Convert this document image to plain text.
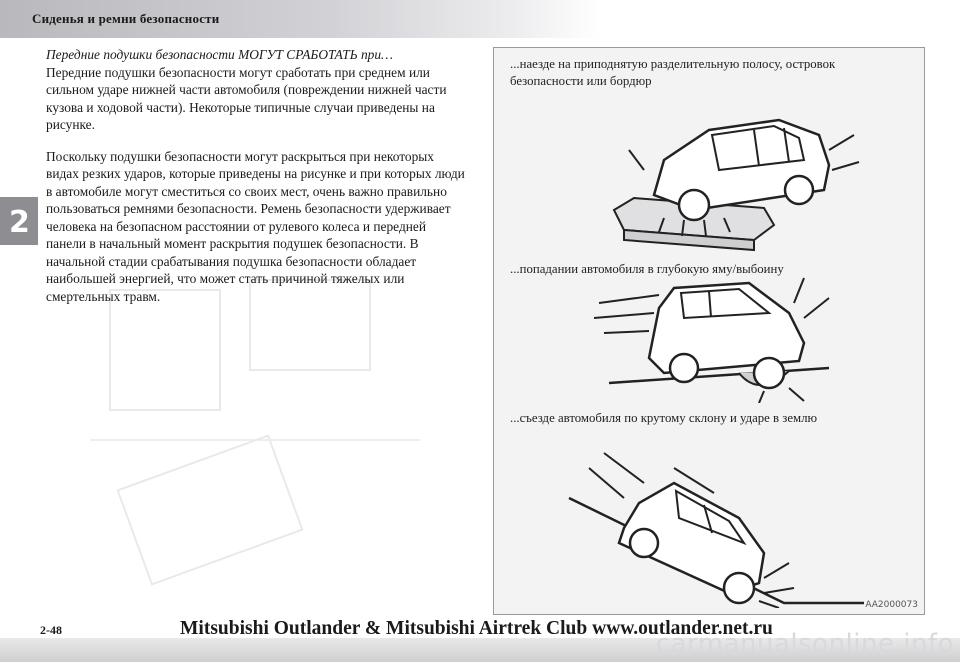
Сиденья и ремни безопасности
2

Передние подушки безопасности МОГУТ СРАБОТАТЬ при…

Передние подушки безопасности могут сработать при среднем или сильном ударе нижней части автомобиля (повреждении нижней части кузова и ходовой части). Некоторые типичные случаи приведены на рисунке.

Поскольку подушки безопасности могут раскрыться при некоторых видах резких ударов, которые приведены на рисунке и при которых люди в автомобиле могут сместиться со своих мест, очень важно правильно пользоваться ремнями безопасности. Ремень безопасности удерживает человека на безопасном расстоянии от рулевого колеса и передней панели в начальный момент раскрытия подушек безопасности. В начальной стадии срабатывания подушка безопасности обладает наибольшей энергией, что может стать причиной тяжелых или смертельных травм.

...наезде на приподнятую разделительную полосу, островок безопасности или бордюр
...попадании автомобиля в глубокую яму/выбоину
...съезде автомобиля по крутому склону и ударе в землю
AA2000073
2-48	Mitsubishi Outlander & Mitsubishi Airtrek Club www.outlander.net.ru
carmanualsonline.info
